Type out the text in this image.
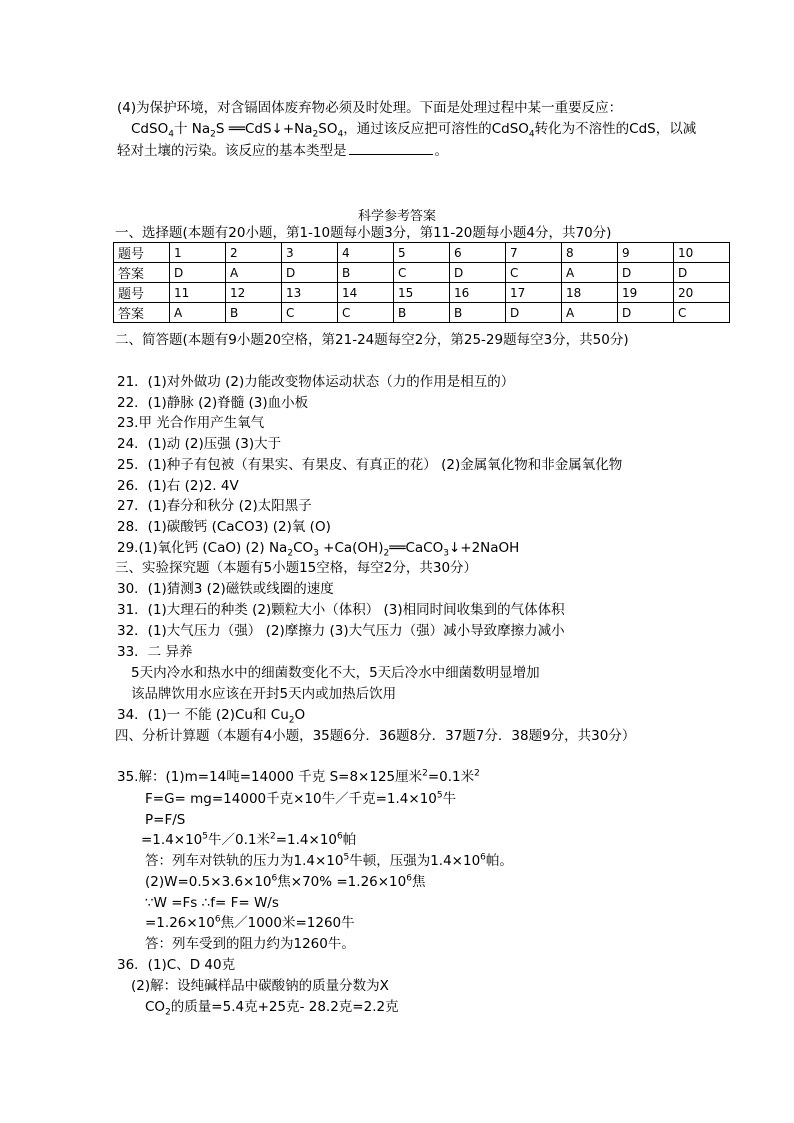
(4)为保护环境，对含镉固体废弃物必须及时处理。下面是处理过程中某一重要反应：
CdSO$_4$十 $Na_2S$ $══CdS↓+Na_2SO_4$，通过该反应把可溶性的CdSO$_4$转化为不溶性的CdS，以减
轻对土壤的污染。该反应的基本类型是	。
科学参考答案
一、选择题(本题有20小题，第1-10题每小题3分，第11-20题每小题4分，共70分)
题号	1	2	3	4	5	6	7	8	9	10
答案	D	A	D	B	C	D	C	A	D	D
题号	11	12	13	14	15	16	17	18	19	20
答案	A	B	C	C	B	B	D	A	D	C
二、简答题(本题有9小题20空格，第21-24题每空2分，第25-29题每空3分，共50分)
21．(1)对外做功 (2)力能改变物体运动状态（力的作用是相互的）
22．(1)静脉 (2)脊髓 (3)血小板
23.甲 光合作用产生氧气
24．(1)动 (2)压强 (3)大于
25．(1)种子有包被（有果实、有果皮、有真正的花） (2)金属氧化物和非金属氧化物
26．(1)右 (2)2. 4V
27．(1)春分和秋分 (2)太阳黑子
28．(1)碳酸钙 (CaCO3) (2)氧 (O)
29.(1)氧化钙 (CaO) (2) $Na_2CO_3$ $+Ca(OH)_2══CaCO_3↓+2NaOH$
三、实验探究题（本题有5小题15空格，每空2分，共30分）
30．(1)猜测3 (2)磁铁或线圈的速度
31．(1)大理石的种类 (2)颗粒大小（体积） (3)相同时间收集到的气体体积
32．(1)大气压力（强） (2)摩擦力 (3)大气压力（强）减小导致摩擦力减小
33．二 异养
5天内冷水和热水中的细菌数变化不大，5天后冷水中细菌数明显增加
该品牌饮用水应该在开封5天内或加热后饮用
34．(1)一 不能 (2)Cu和 $Cu_2O$
四、分析计算题（本题有4小题，35题6分．36题8分．37题7分．38题9分，共30分）
35.解：(1)m=14吨=14000 千克 S=8×125厘米$^2$=0.1米$^2$
F=G= mg=14000千克×10牛／千克$=1.4\times 10^5$牛
P=F/S
$=1.4\times 10^5$牛／0.1米$^2=1.4\times 10^6$帕
答：列车对铁轨的压力为$1.4\times 10^5$牛顿，压强为$1.4\times 10^6$帕。
$(2)W=0.5\times 3.6\times 10^6$焦$\times 70\% =1.26\times 10^6$焦
∵W =Fs ∴f= F= W/s
$=1.26\times 10^6$焦／1000米=1260牛
答：列车受到的阻力约为1260牛。
36．(1)C、D 40克
(2)解：设纯碱样品中碳酸钠的质量分数为X
$CO_2$的质量=5.4克+25克- 28.2克=2.2克
